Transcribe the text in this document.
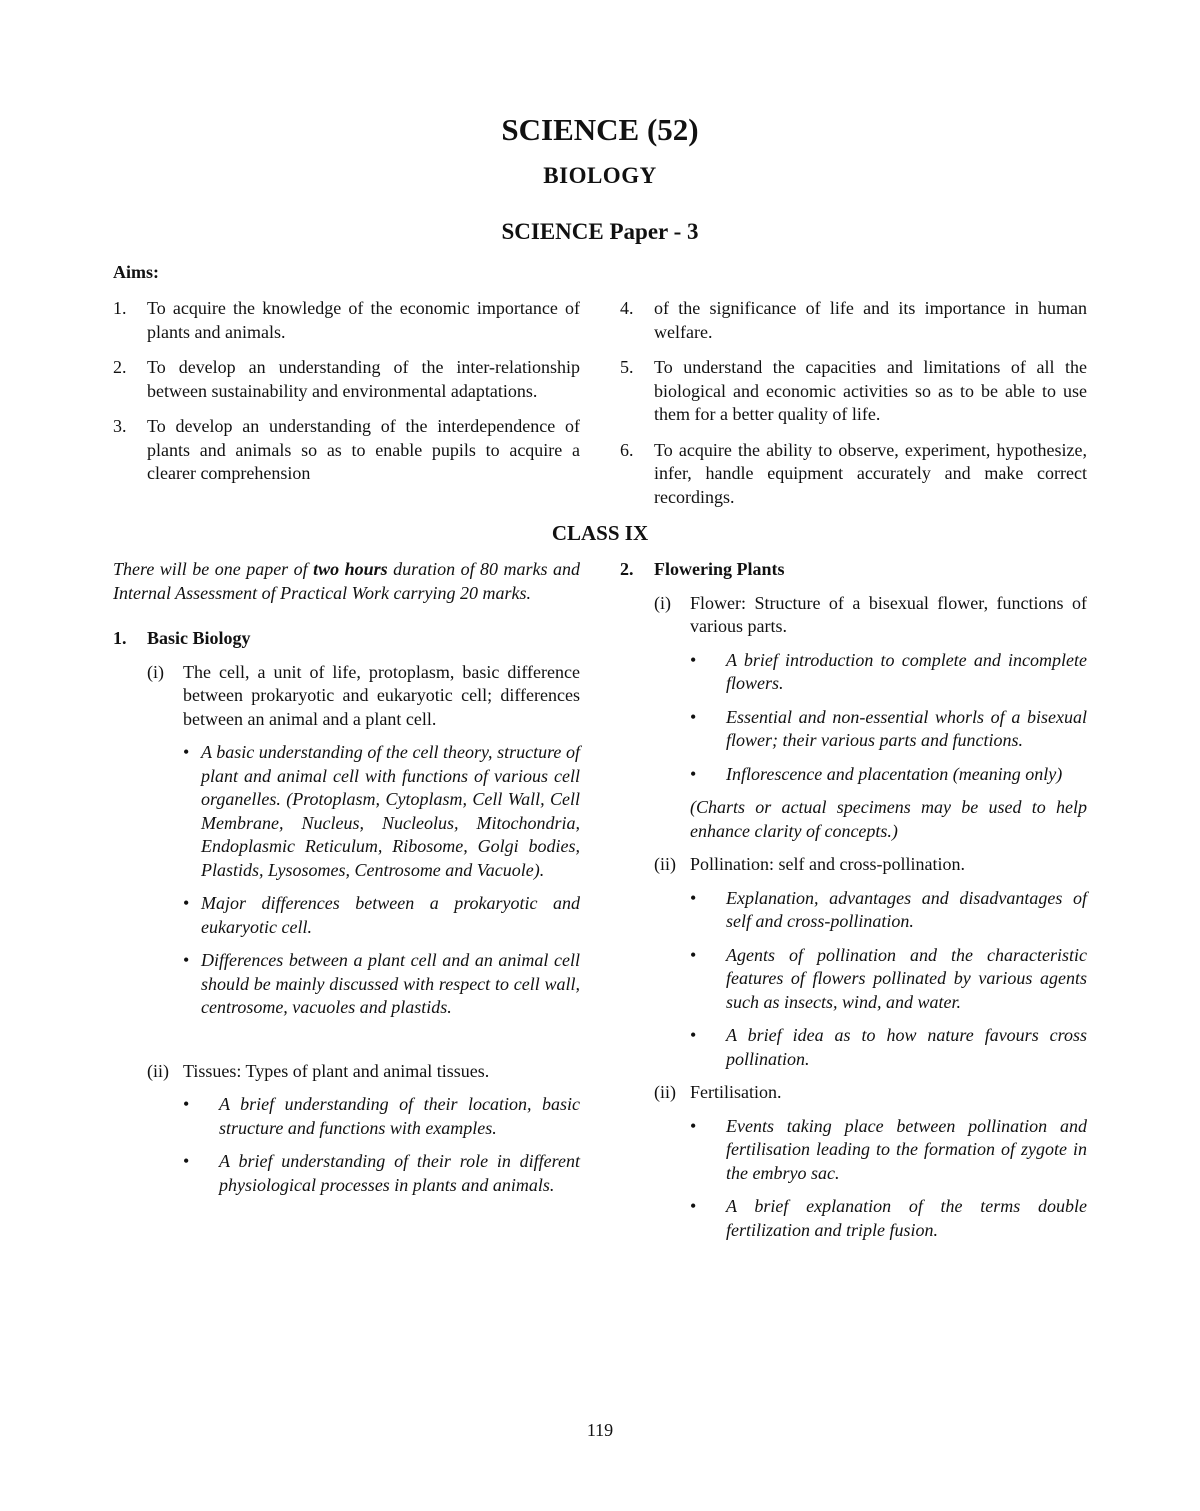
SCIENCE (52)
BIOLOGY
SCIENCE Paper - 3
Aims:
1.	To acquire the knowledge of the economic importance of plants and animals.
2.	To develop an understanding of the inter-relationship between sustainability and environmental adaptations.
3.	To develop an understanding of the interdependence of plants and animals so as to enable pupils to acquire a clearer comprehension
4.	of the significance of life and its importance in human welfare.
5.	To understand the capacities and limitations of all the biological and economic activities so as to be able to use them for a better quality of life.
6.	To acquire the ability to observe, experiment, hypothesize, infer, handle equipment accurately and make correct recordings.
CLASS IX
There will be one paper of two hours duration of 80 marks and Internal Assessment of Practical Work carrying 20 marks.
1.	Basic Biology
(i)	The cell, a unit of life, protoplasm, basic difference between prokaryotic and eukaryotic cell; differences between an animal and a plant cell.
• A basic understanding of the cell theory, structure of plant and animal cell with functions of various cell organelles. (Protoplasm, Cytoplasm, Cell Wall, Cell Membrane, Nucleus, Nucleolus, Mitochondria, Endoplasmic Reticulum, Ribosome, Golgi bodies, Plastids, Lysosomes, Centrosome and Vacuole).
• Major differences between a prokaryotic and eukaryotic cell.
• Differences between a plant cell and an animal cell should be mainly discussed with respect to cell wall, centrosome, vacuoles and plastids.
(ii) Tissues: Types of plant and animal tissues.
•	A brief understanding of their location, basic structure and functions with examples.
•	A brief understanding of their role in different physiological processes in plants and animals.
2.	Flowering Plants
(i)	Flower: Structure of a bisexual flower, functions of various parts.
•	A brief introduction to complete and incomplete flowers.
•	Essential and non-essential whorls of a bisexual flower; their various parts and functions.
•	Inflorescence and placentation (meaning only)
(Charts or actual specimens may be used to help enhance clarity of concepts.)
(ii) Pollination: self and cross-pollination.
•	Explanation, advantages and disadvantages of self and cross-pollination.
•	Agents of pollination and the characteristic features of flowers pollinated by various agents such as insects, wind, and water.
•	A brief idea as to how nature favours cross pollination.
(ii) Fertilisation.
•	Events taking place between pollination and fertilisation leading to the formation of zygote in the embryo sac.
•	A brief explanation of the terms double fertilization and triple fusion.
119
